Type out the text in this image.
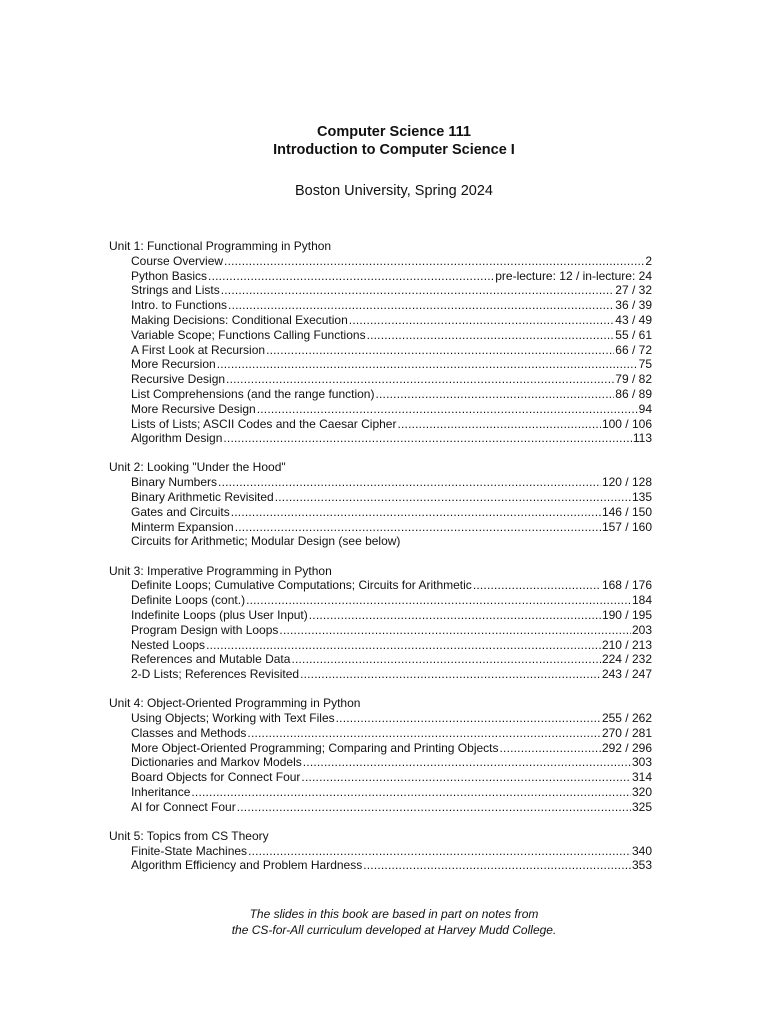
Computer Science 111

Introduction to Computer Science I

Boston University, Spring 2024
Unit 1: Functional Programming in Python
Course Overview .....	2
Python Basics .....	pre-lecture: 12 / in-lecture: 24
Strings and Lists .....	27 / 32
Intro. to Functions .....	36 / 39
Making Decisions: Conditional Execution .....	43 / 49
Variable Scope; Functions Calling Functions .....	55 / 61
A First Look at Recursion .....	66 / 72
More Recursion .....	75
Recursive Design .....	79 / 82
List Comprehensions (and the range function) .....	86 / 89
More Recursive Design .....	94
Lists of Lists; ASCII Codes and the Caesar Cipher .....	100 / 106
Algorithm Design .....	113
Unit 2: Looking "Under the Hood"
Binary Numbers .....	120 / 128
Binary Arithmetic Revisited .....	135
Gates and Circuits .....	146 / 150
Minterm Expansion .....	157 / 160
Circuits for Arithmetic; Modular Design (see below)
Unit 3: Imperative Programming in Python
Definite Loops; Cumulative Computations; Circuits for Arithmetic .....	168 / 176
Definite Loops (cont.) .....	184
Indefinite Loops (plus User Input) .....	190 / 195
Program Design with Loops .....	203
Nested Loops .....	210 / 213
References and Mutable Data .....	224 / 232
2-D Lists; References Revisited .....	243 / 247
Unit 4: Object-Oriented Programming in Python
Using Objects; Working with Text Files .....	255 / 262
Classes and Methods .....	270 / 281
More Object-Oriented Programming; Comparing and Printing Objects .....	292 / 296
Dictionaries and Markov Models .....	303
Board Objects for Connect Four .....	314
Inheritance .....	320
AI for Connect Four .....	325
Unit 5: Topics from CS Theory
Finite-State Machines .....	340
Algorithm Efficiency and Problem Hardness .....	353
The slides in this book are based in part on notes from
the CS-for-All curriculum developed at Harvey Mudd College.
